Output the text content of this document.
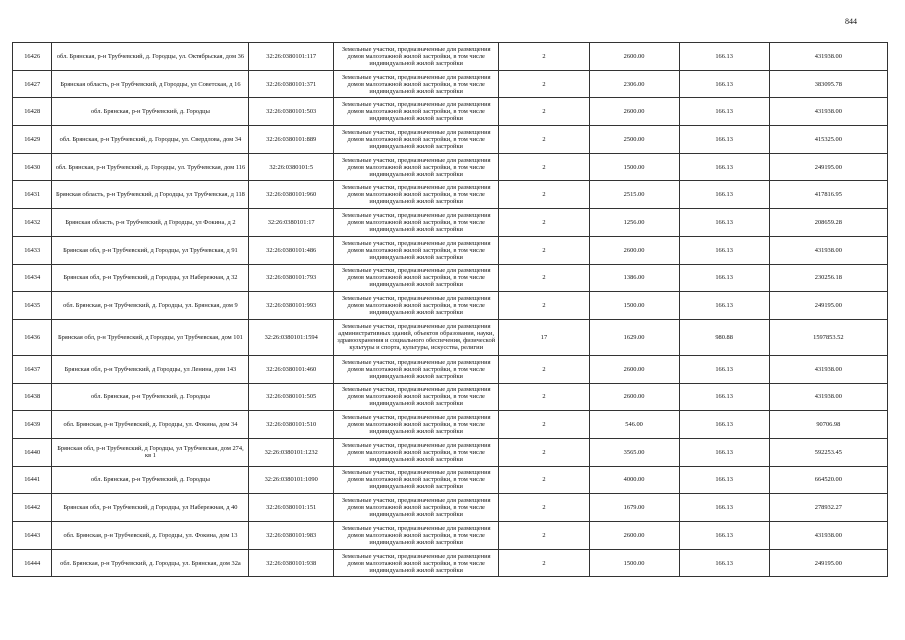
844
16426	обл. Брянская, р-н Трубчевский, д. Городцы, ул. Октябрьская, дом 36	32:26:0380101:117	Земельные участки, предназначенные для размещения домов малоэтажной жилой застройки, в том числе индивидуальной жилой застройки	2	2600.00	166.13	431938.00
16427	Брянская область, р-н Трубчевский, д Городцы, ул Советская, д 16	32:26:0380101:371	Земельные участки, предназначенные для размещения домов малоэтажной жилой застройки, в том числе индивидуальной жилой застройки	2	2306.00	166.13	383095.78
16428	обл. Брянская, р-н Трубчевский, д. Городцы	32:26:0380101:503	Земельные участки, предназначенные для размещения домов малоэтажной жилой застройки, в том числе индивидуальной жилой застройки	2	2600.00	166.13	431938.00
16429	обл. Брянская, р-н Трубчевский, д. Городцы, ул. Свердлова, дом 34	32:26:0380101:889	Земельные участки, предназначенные для размещения домов малоэтажной жилой застройки, в том числе индивидуальной жилой застройки	2	2500.00	166.13	415325.00
16430	обл. Брянская, р-н Трубчевский, д. Городцы, ул. Трубчевская, дом 116	32:26:0380101:5	Земельные участки, предназначенные для размещения домов малоэтажной жилой застройки, в том числе индивидуальной жилой застройки	2	1500.00	166.13	249195.00
16431	Брянская область, р-н Трубчевский, д Городцы, ул Трубчевская, д 118	32:26:0380101:960	Земельные участки, предназначенные для размещения домов малоэтажной жилой застройки, в том числе индивидуальной жилой застройки	2	2515.00	166.13	417816.95
16432	Брянская область, р-н Трубчевский, д Городцы, ул Фокина, д 2	32:26:0380101:17	Земельные участки, предназначенные для размещения домов малоэтажной жилой застройки, в том числе индивидуальной жилой застройки	2	1256.00	166.13	208659.28
16433	Брянская обл, р-н Трубчевский, д Городцы, ул Трубчевская, д 91	32:26:0380101:486	Земельные участки, предназначенные для размещения домов малоэтажной жилой застройки, в том числе индивидуальной жилой застройки	2	2600.00	166.13	431938.00
16434	Брянская обл, р-н Трубчевский, д Городцы, ул Набережная, д 32	32:26:0380101:793	Земельные участки, предназначенные для размещения домов малоэтажной жилой застройки, в том числе индивидуальной жилой застройки	2	1386.00	166.13	230256.18
16435	обл. Брянская, р-н Трубчевский, д. Городцы, ул. Брянская, дом 9	32:26:0380101:993	Земельные участки, предназначенные для размещения домов малоэтажной жилой застройки, в том числе индивидуальной жилой застройки	2	1500.00	166.13	249195.00
16436	Брянская обл, р-н Трубчевский, д Городцы, ул Трубчевская, дом 101	32:26:0380101:1594	Земельные участки, предназначенные для размещения административных зданий, объектов образования, науки, здравоохранения и социального обеспечения, физической культуры и спорта, культуры, искусства, религии	17	1629.00	980.88	1597853.52
16437	Брянская обл, р-н Трубчевский, д Городцы, ул Ленина, дом 143	32:26:0380101:460	Земельные участки, предназначенные для размещения домов малоэтажной жилой застройки, в том числе индивидуальной жилой застройки	2	2600.00	166.13	431938.00
16438	обл. Брянская, р-н Трубчевский, д. Городцы	32:26:0380101:505	Земельные участки, предназначенные для размещения домов малоэтажной жилой застройки, в том числе индивидуальной жилой застройки	2	2600.00	166.13	431938.00
16439	обл. Брянская, р-н Трубчевский, д. Городцы, ул. Фокина, дом 34	32:26:0380101:510	Земельные участки, предназначенные для размещения домов малоэтажной жилой застройки, в том числе индивидуальной жилой застройки	2	546.00	166.13	90706.98
16440	Брянская обл, р-н Трубчевский, д Городцы, ул Трубчевская, дом 274, кв 1	32:26:0380101:1232	Земельные участки, предназначенные для размещения домов малоэтажной жилой застройки, в том числе индивидуальной жилой застройки	2	3565.00	166.13	592253.45
16441	обл. Брянская, р-н Трубчевский, д. Городцы	32:26:0380101:1090	Земельные участки, предназначенные для размещения домов малоэтажной жилой застройки, в том числе индивидуальной жилой застройки	2	4000.00	166.13	664520.00
16442	Брянская обл, р-н Трубчевский, д Городцы, ул Набережная, д 40	32:26:0380101:151	Земельные участки, предназначенные для размещения домов малоэтажной жилой застройки, в том числе индивидуальной жилой застройки	2	1679.00	166.13	278932.27
16443	обл. Брянская, р-н Трубчевский, д. Городцы, ул. Фокина, дом 13	32:26:0380101:983	Земельные участки, предназначенные для размещения домов малоэтажной жилой застройки, в том числе индивидуальной жилой застройки	2	2600.00	166.13	431938.00
16444	обл. Брянская, р-н Трубчевский, д. Городцы, ул. Брянская, дом 32а	32:26:0380101:938	Земельные участки, предназначенные для размещения домов малоэтажной жилой застройки, в том числе индивидуальной жилой застройки	2	1500.00	166.13	249195.00
